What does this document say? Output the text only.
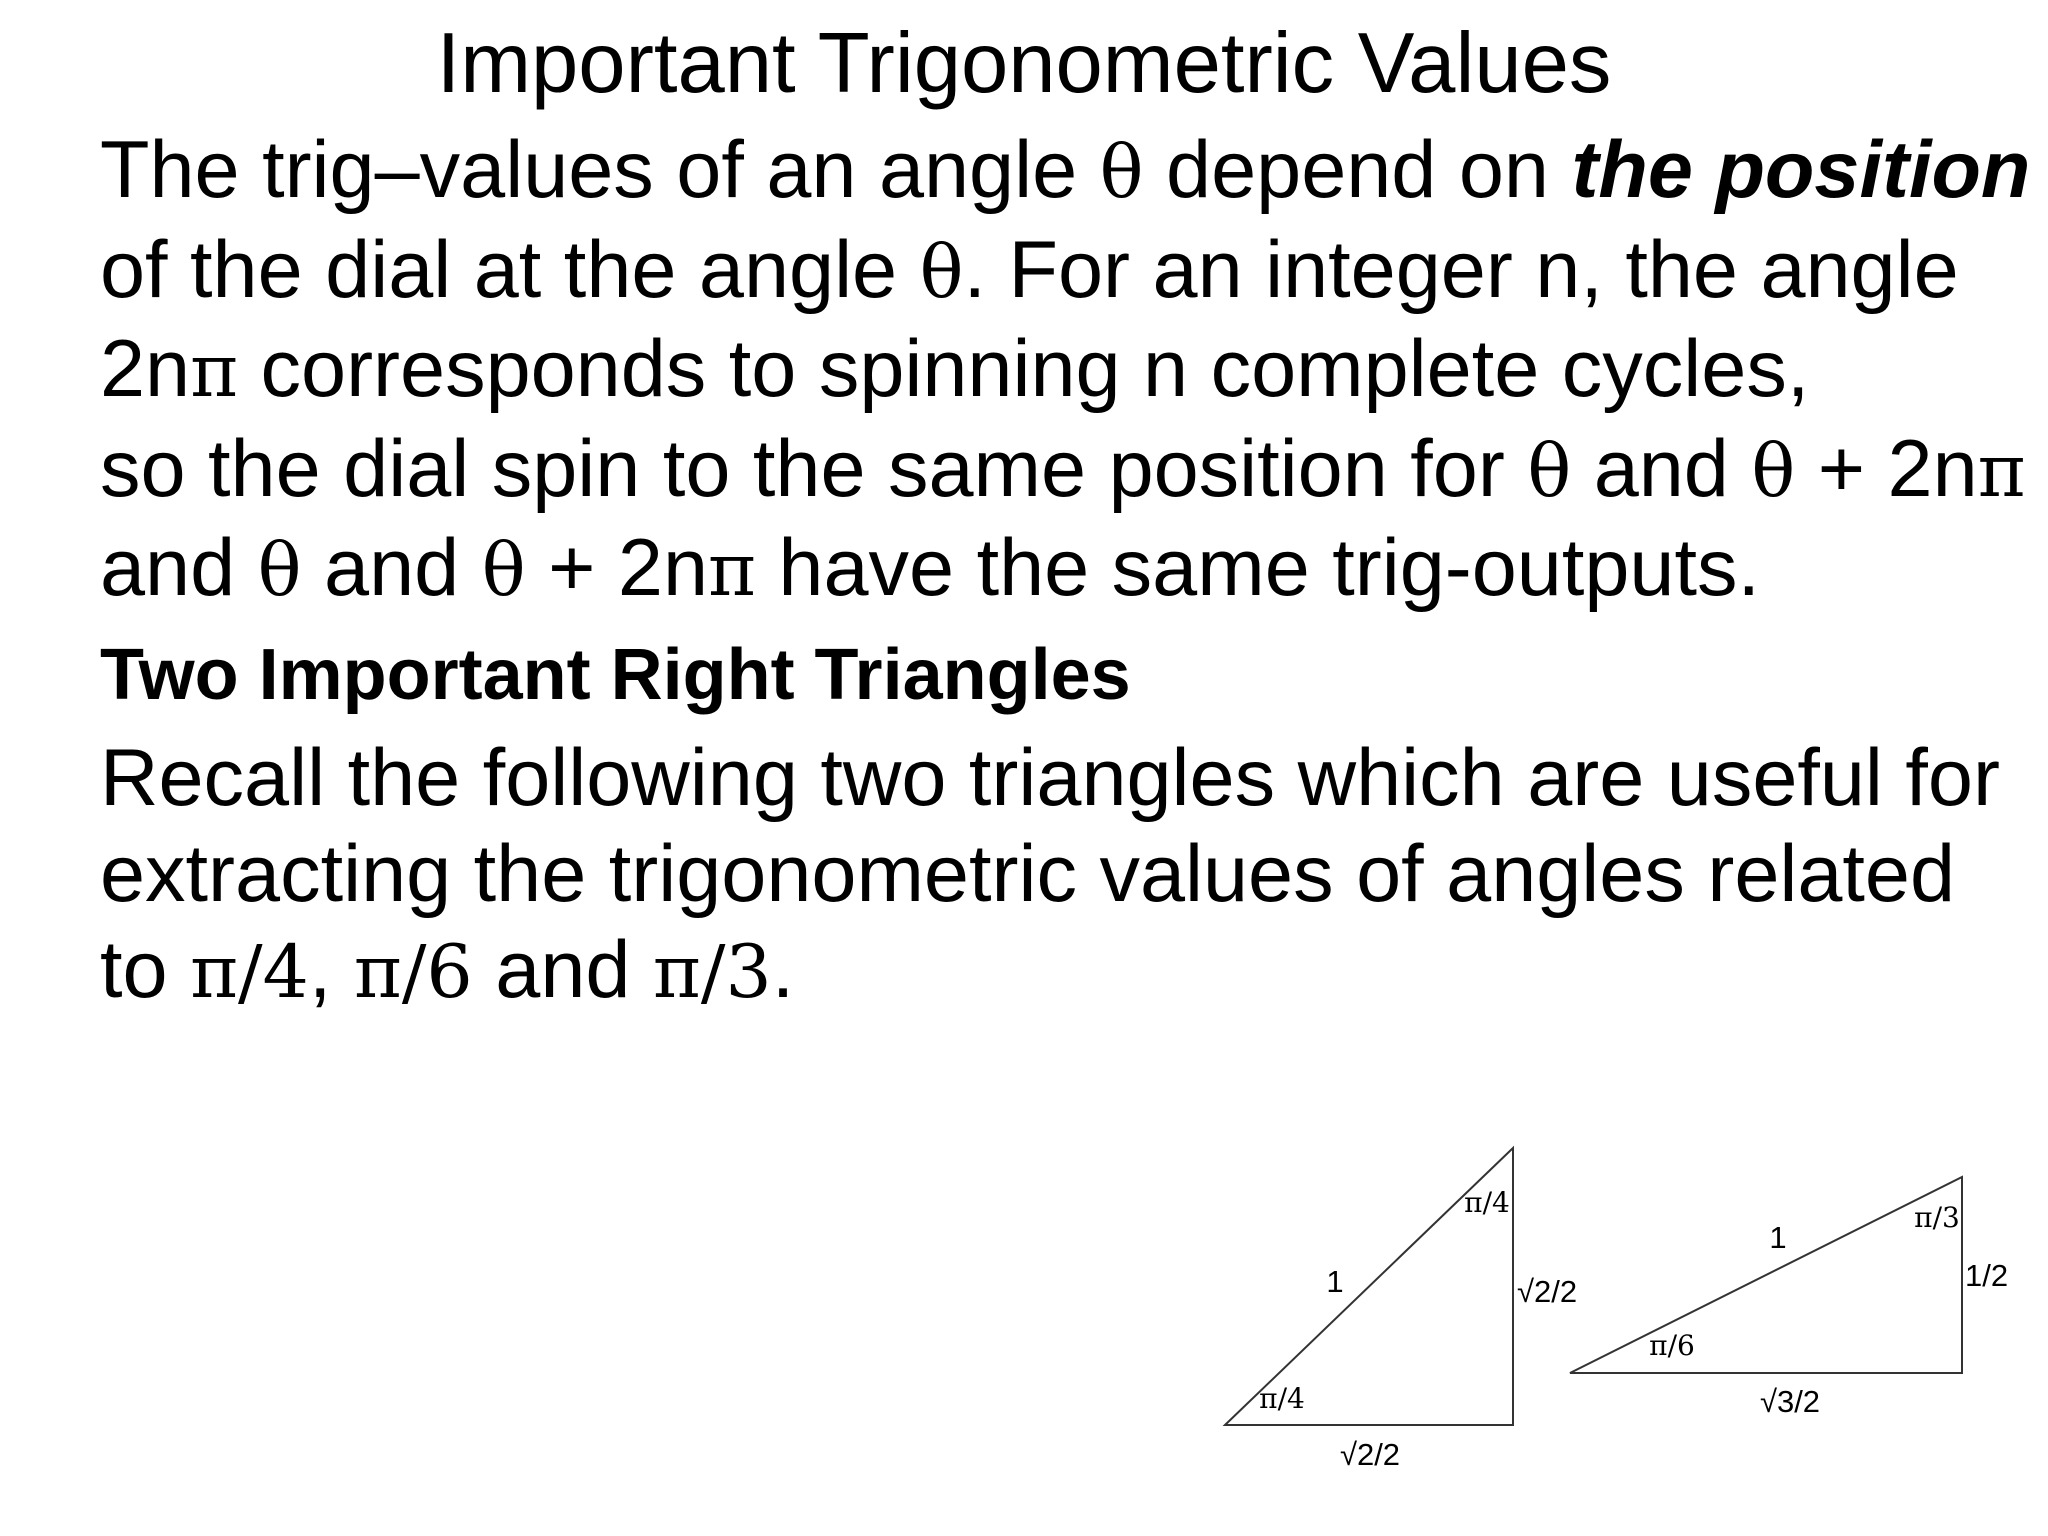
Important Trigonometric Values

The trig–values of an angle θ depend on the position
of the dial at the angle θ. For an integer n, the angle
2nπ corresponds to spinning n complete cycles,
so the dial spin to the same position for θ and θ + 2nπ
and θ and θ + 2nπ have the same trig-outputs.

Two Important Right Triangles

Recall the following two triangles which are useful for
extracting the trigonometric values of angles related
to π/4, π/6 and π/3.

1	√2/2
√2/2
π/4
π/4
1
1/2
√3/2
π/3
π/6
